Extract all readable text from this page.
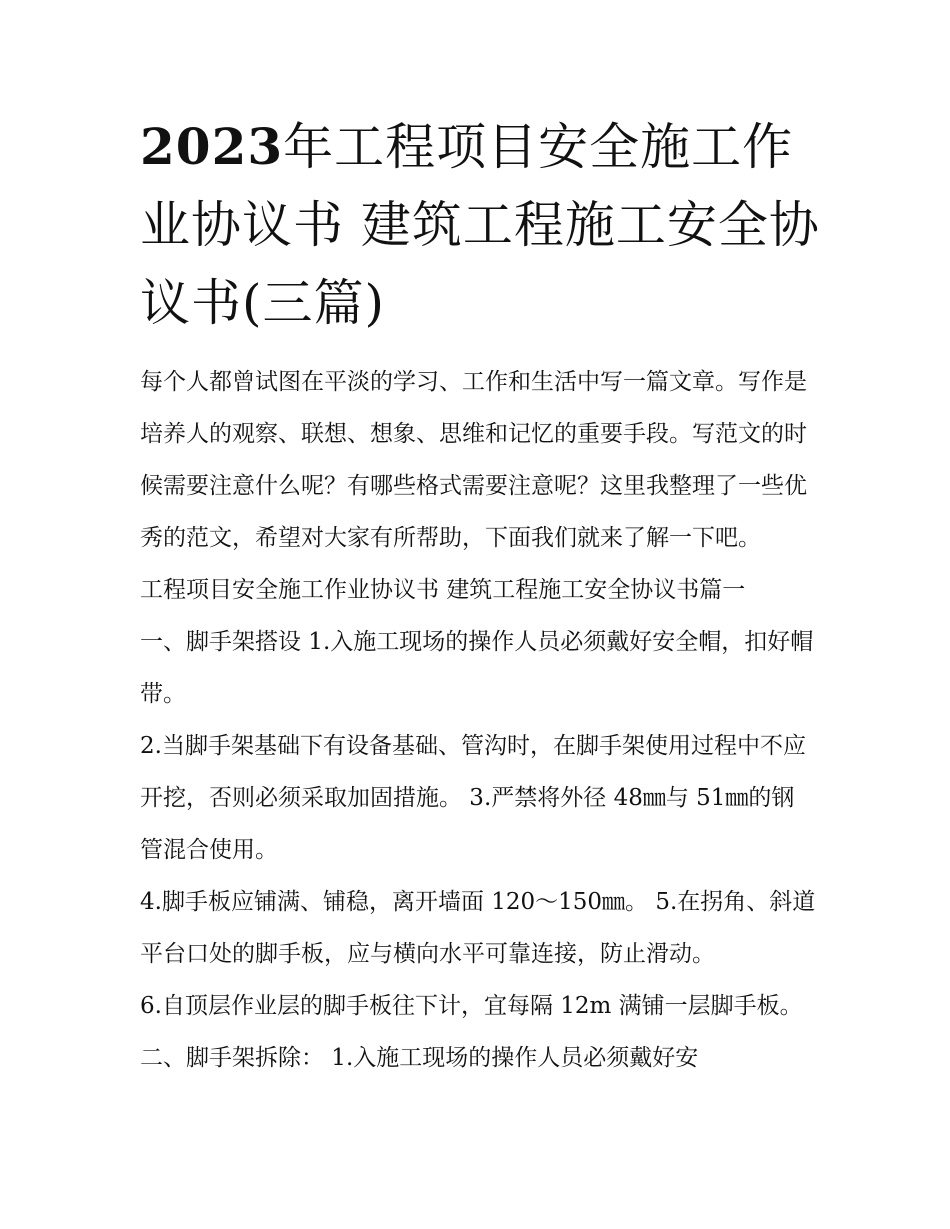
2023年工程项目安全施工作业协议书 建筑工程施工安全协议书(三篇)

每个人都曾试图在平淡的学习、工作和生活中写一篇文章。写作是培养人的观察、联想、想象、思维和记忆的重要手段。写范文的时候需要注意什么呢？有哪些格式需要注意呢？这里我整理了一些优秀的范文，希望对大家有所帮助，下面我们就来了解一下吧。

工程项目安全施工作业协议书 建筑工程施工安全协议书篇一

一、脚手架搭设 1.入施工现场的操作人员必须戴好安全帽，扣好帽带。

2.当脚手架基础下有设备基础、管沟时，在脚手架使用过程中不应开挖，否则必须采取加固措施。 3.严禁将外径 48㎜与 51㎜的钢管混合使用。

4.脚手板应铺满、铺稳，离开墙面 120～150㎜。 5.在拐角、斜道平台口处的脚手板，应与横向水平可靠连接，防止滑动。

6.自顶层作业层的脚手板往下计，宜每隔 12m 满铺一层脚手板。 二、脚手架拆除： 1.入施工现场的操作人员必须戴好安
